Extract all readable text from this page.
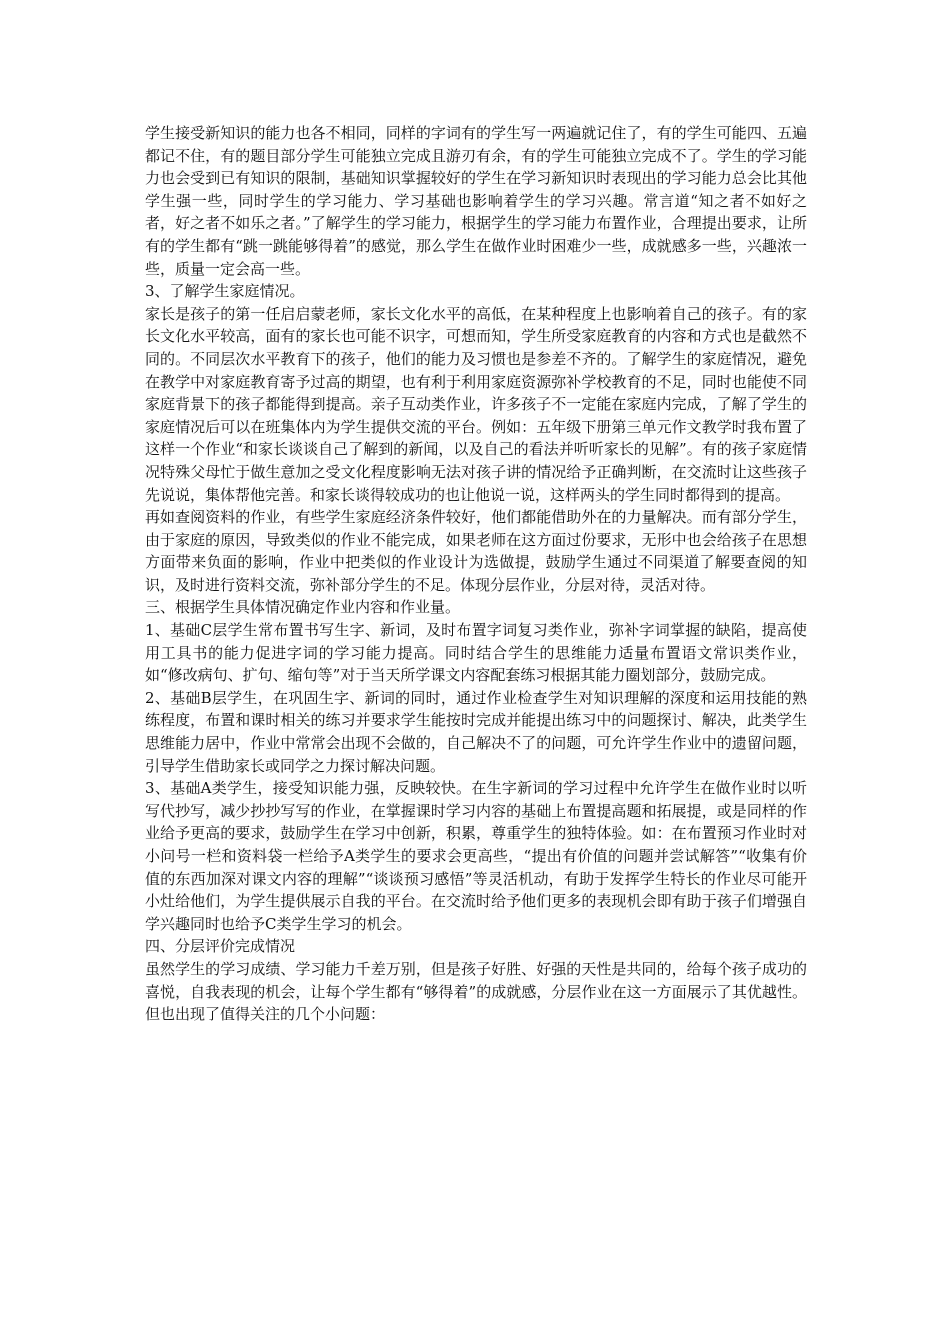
学生接受新知识的能力也各不相同，同样的字词有的学生写一两遍就记住了，有的学生可能四、五遍都记不住，有的题目部分学生可能独立完成且游刃有余，有的学生可能独立完成不了。学生的学习能力也会受到已有知识的限制，基础知识掌握较好的学生在学习新知识时表现出的学习能力总会比其他学生强一些，同时学生的学习能力、学习基础也影响着学生的学习兴趣。常言道“知之者不如好之者，好之者不如乐之者。”了解学生的学习能力，根据学生的学习能力布置作业，合理提出要求，让所有的学生都有“跳一跳能够得着”的感觉，那么学生在做作业时困难少一些，成就感多一些，兴趣浓一些，质量一定会高一些。

3、了解学生家庭情况。

家长是孩子的第一任启启蒙老师，家长文化水平的高低，在某种程度上也影响着自己的孩子。有的家长文化水平较高，面有的家长也可能不识字，可想而知，学生所受家庭教育的内容和方式也是截然不同的。不同层次水平教育下的孩子，他们的能力及习惯也是参差不齐的。了解学生的家庭情况，避免在教学中对家庭教育寄予过高的期望，也有利于利用家庭资源弥补学校教育的不足，同时也能使不同家庭背景下的孩子都能得到提高。亲子互动类作业，许多孩子不一定能在家庭内完成，了解了学生的家庭情况后可以在班集体内为学生提供交流的平台。例如：五年级下册第三单元作文教学时我布置了这样一个作业“和家长谈谈自己了解到的新闻，以及自己的看法并听听家长的见解”。有的孩子家庭情况特殊父母忙于做生意加之受文化程度影响无法对孩子讲的情况给予正确判断，在交流时让这些孩子先说说，集体帮他完善。和家长谈得较成功的也让他说一说，这样两头的学生同时都得到的提高。

再如查阅资料的作业，有些学生家庭经济条件较好，他们都能借助外在的力量解决。而有部分学生，由于家庭的原因，导致类似的作业不能完成，如果老师在这方面过份要求，无形中也会给孩子在思想方面带来负面的影响，作业中把类似的作业设计为选做提，鼓励学生通过不同渠道了解要查阅的知识，及时进行资料交流，弥补部分学生的不足。体现分层作业，分层对待，灵活对待。

三、根据学生具体情况确定作业内容和作业量。

1、基础C层学生常布置书写生字、新词，及时布置字词复习类作业，弥补字词掌握的缺陷，提高使用工具书的能力促进字词的学习能力提高。同时结合学生的思维能力适量布置语文常识类作业，如“修改病句、扩句、缩句等”对于当天所学课文内容配套练习根据其能力圈划部分，鼓励完成。

2、基础B层学生，在巩固生字、新词的同时，通过作业检查学生对知识理解的深度和运用技能的熟练程度，布置和课时相关的练习并要求学生能按时完成并能提出练习中的问题探讨、解决，此类学生思维能力居中，作业中常常会出现不会做的，自己解决不了的问题，可允许学生作业中的遗留问题，引导学生借助家长或同学之力探讨解决问题。

3、基础A类学生，接受知识能力强，反映较快。在生字新词的学习过程中允许学生在做作业时以听写代抄写，减少抄抄写写的作业，在掌握课时学习内容的基础上布置提高题和拓展提，或是同样的作业给予更高的要求，鼓励学生在学习中创新，积累，尊重学生的独特体验。如：在布置预习作业时对小问号一栏和资料袋一栏给予A类学生的要求会更高些，“提出有价值的问题并尝试解答”“收集有价值的东西加深对课文内容的理解”“谈谈预习感悟”等灵活机动，有助于发挥学生特长的作业尽可能开小灶给他们，为学生提供展示自我的平台。在交流时给予他们更多的表现机会即有助于孩子们增强自学兴趣同时也给予C类学生学习的机会。

四、分层评价完成情况

虽然学生的学习成绩、学习能力千差万别，但是孩子好胜、好强的天性是共同的，给每个孩子成功的喜悦，自我表现的机会，让每个学生都有“够得着”的成就感，分层作业在这一方面展示了其优越性。但也出现了值得关注的几个小问题：
